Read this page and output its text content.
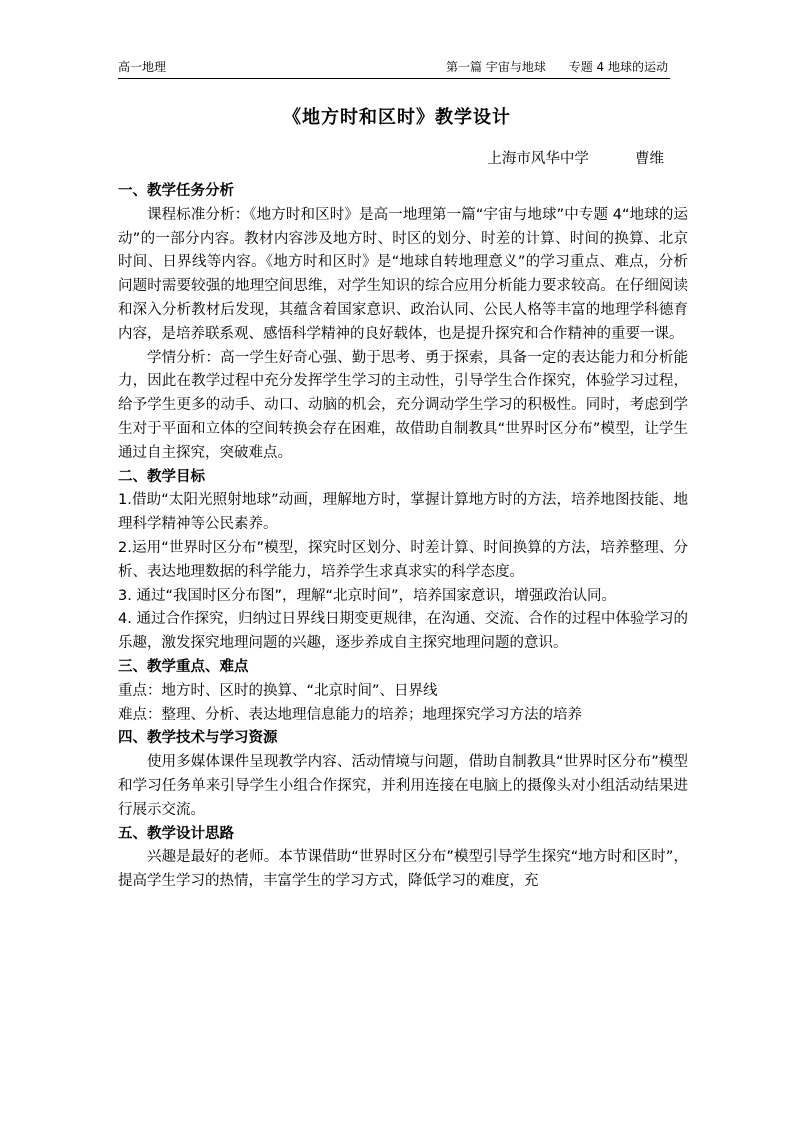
高一地理	第一篇 宇宙与地球      专题 4 地球的运动
《地方时和区时》教学设计
上海市风华中学          曹维
一、教学任务分析

课程标准分析：《地方时和区时》是高一地理第一篇“宇宙与地球”中专题 4“地球的运动”的一部分内容。教材内容涉及地方时、时区的划分、时差的计算、时间的换算、北京时间、日界线等内容。《地方时和区时》是“地球自转地理意义”的学习重点、难点，分析问题时需要较强的地理空间思维，对学生知识的综合应用分析能力要求较高。在仔细阅读和深入分析教材后发现，其蕴含着国家意识、政治认同、公民人格等丰富的地理学科德育内容，是培养联系观、感悟科学精神的良好载体，也是提升探究和合作精神的重要一课。

学情分析：高一学生好奇心强、勤于思考、勇于探索，具备一定的表达能力和分析能力，因此在教学过程中充分发挥学生学习的主动性，引导学生合作探究，体验学习过程，给予学生更多的动手、动口、动脑的机会，充分调动学生学习的积极性。同时，考虑到学生对于平面和立体的空间转换会存在困难，故借助自制教具“世界时区分布”模型，让学生通过自主探究，突破难点。

二、教学目标

1.借助“太阳光照射地球”动画，理解地方时，掌握计算地方时的方法，培养地图技能、地理科学精神等公民素养。

2.运用“世界时区分布”模型，探究时区划分、时差计算、时间换算的方法，培养整理、分析、表达地理数据的科学能力，培养学生求真求实的科学态度。

3. 通过“我国时区分布图”，理解“北京时间”，培养国家意识，增强政治认同。

4. 通过合作探究，归纳过日界线日期变更规律，在沟通、交流、合作的过程中体验学习的乐趣，激发探究地理问题的兴趣，逐步养成自主探究地理问题的意识。

三、教学重点、难点

重点：地方时、区时的换算、“北京时间”、日界线

难点：整理、分析、表达地理信息能力的培养；地理探究学习方法的培养

四、教学技术与学习资源

使用多媒体课件呈现教学内容、活动情境与问题，借助自制教具“世界时区分布”模型和学习任务单来引导学生小组合作探究，并利用连接在电脑上的摄像头对小组活动结果进行展示交流。

五、教学设计思路

兴趣是最好的老师。本节课借助“世界时区分布”模型引导学生探究“地方时和区时”，提高学生学习的热情，丰富学生的学习方式，降低学习的难度，充
